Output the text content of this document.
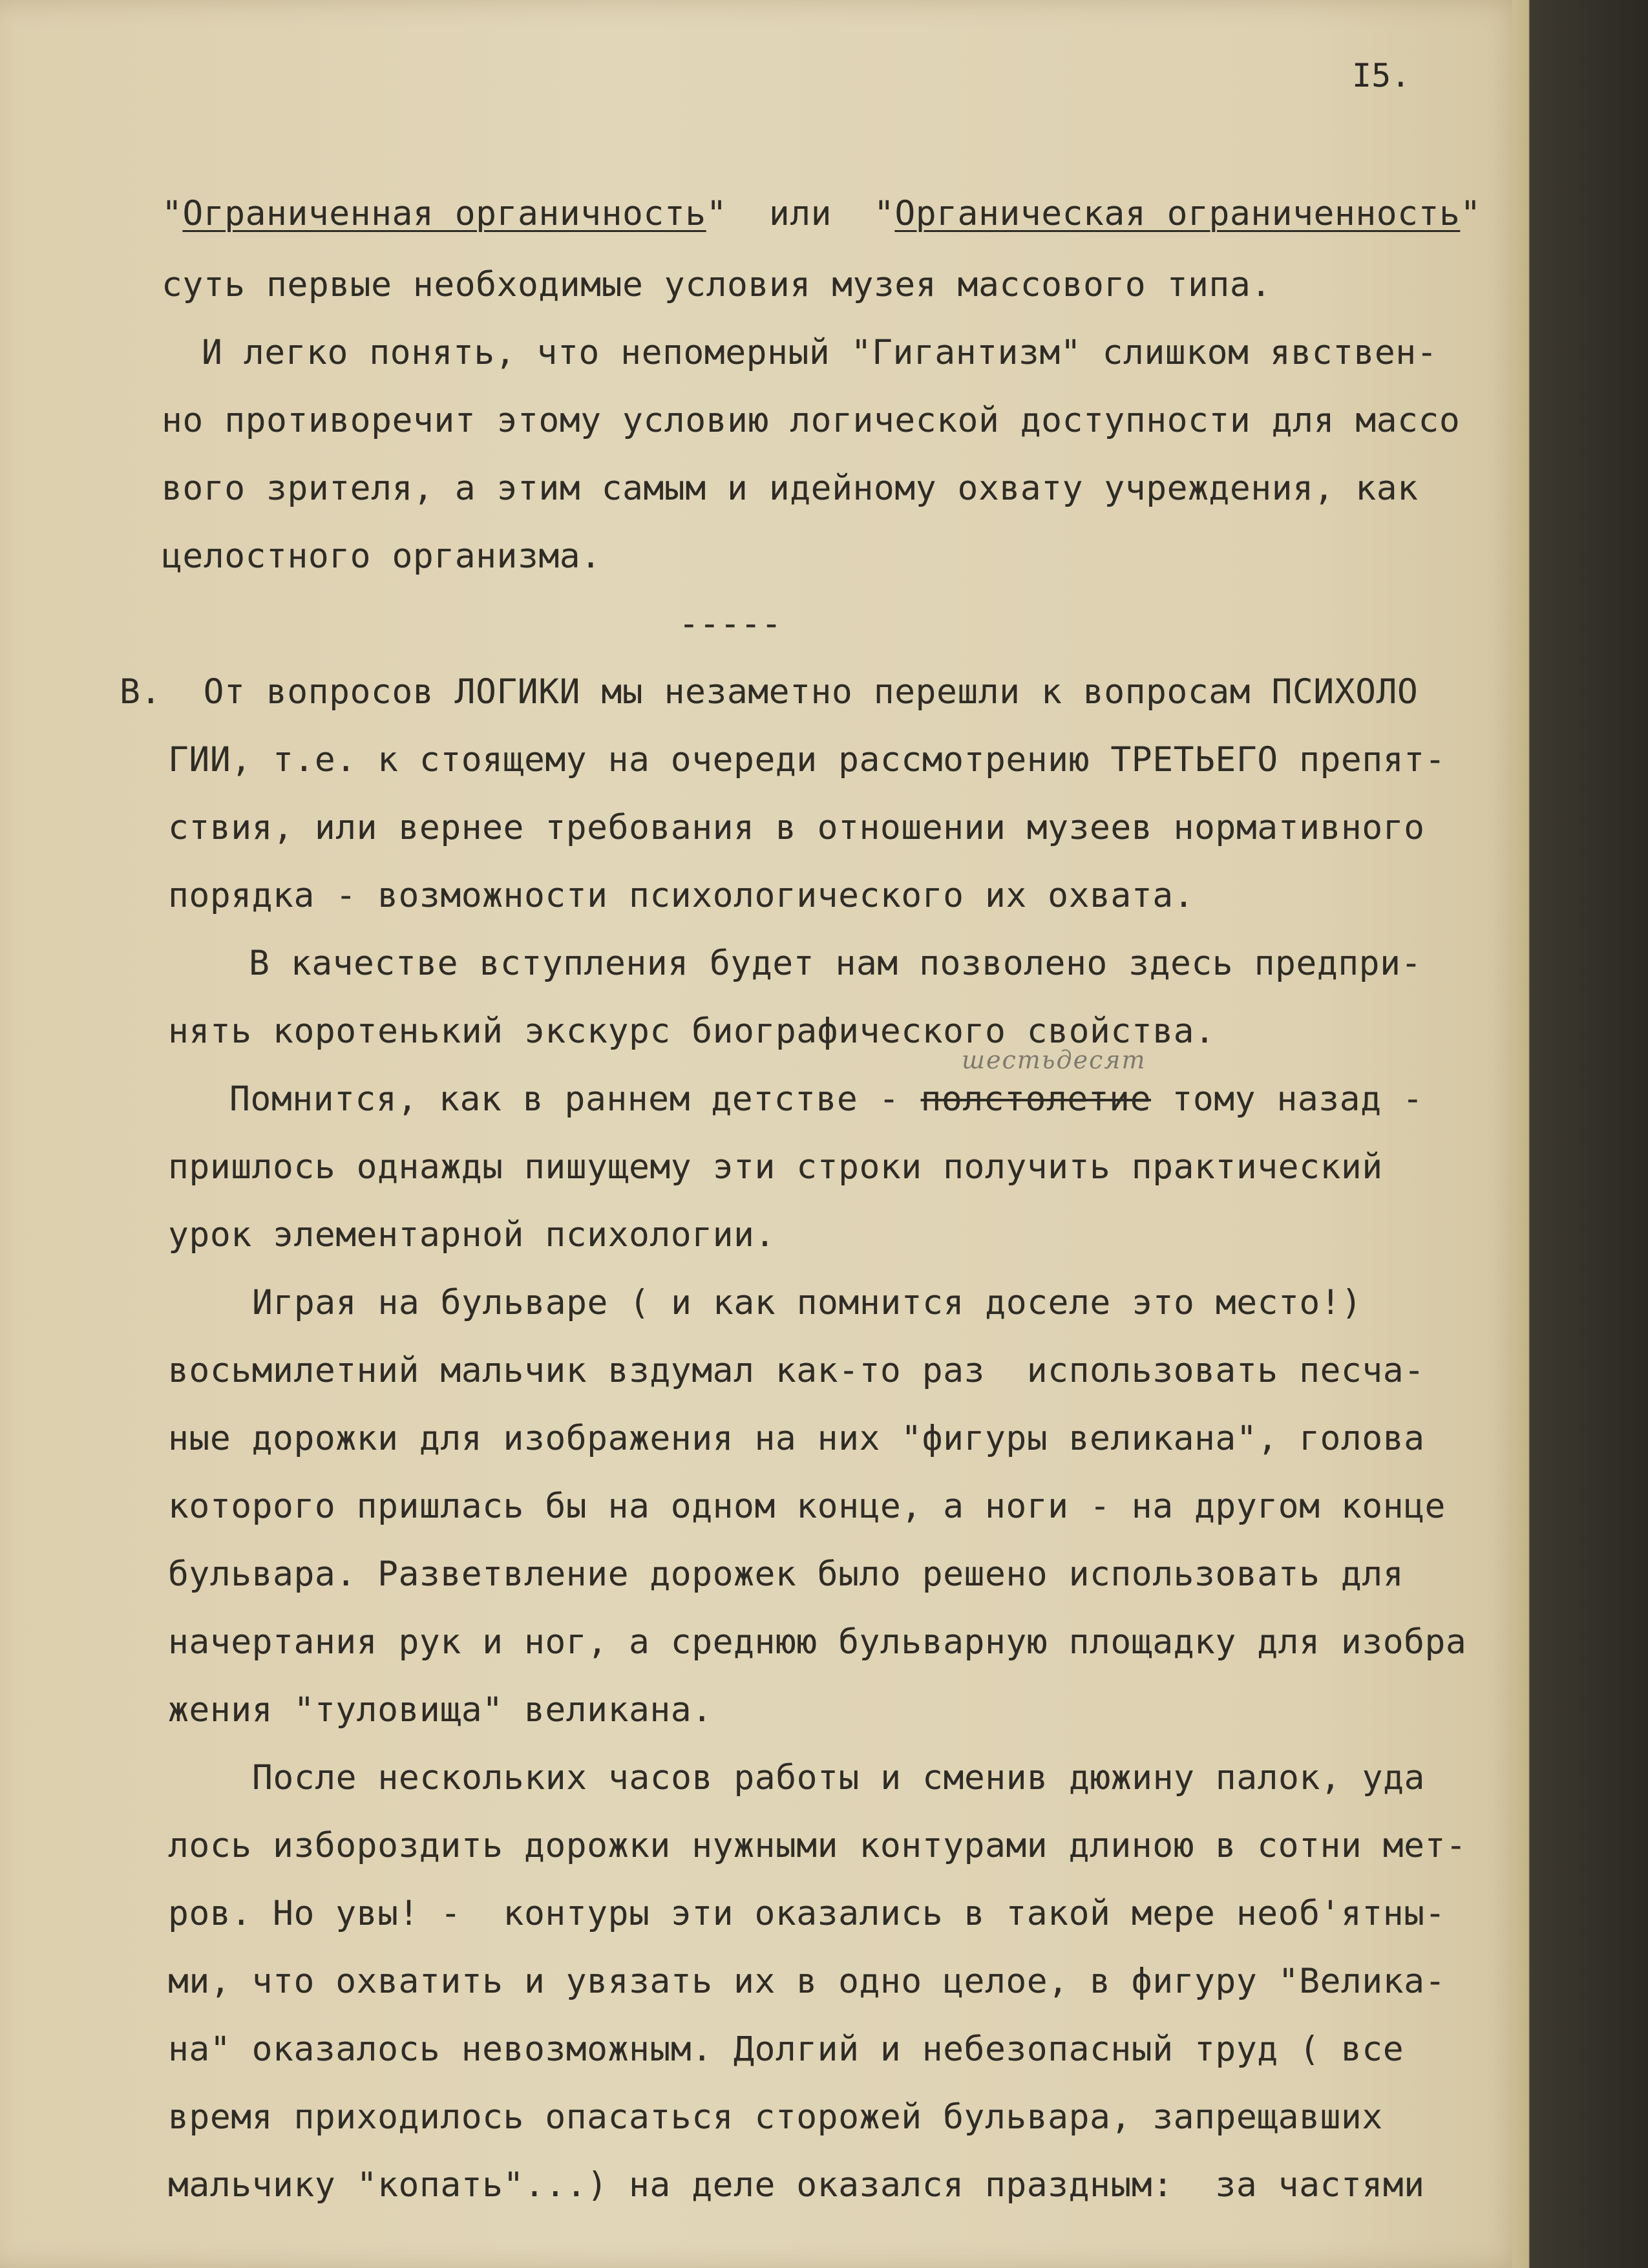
I5.
"Ограниченная органичность"  или  "Органическая ограниченность"
суть первые необходимые условия музея массового типа.
И легко понять, что непомерный "Гигантизм" слишком явствен-
но противоречит этому условию логической доступности для массо
вого зрителя, а этим самым и идейному охвату учреждения, как
целостного организма.
-----
В.  От вопросов ЛОГИКИ мы незаметно перешли к вопросам ПСИХОЛО
ГИИ, т.е. к стоящему на очереди рассмотрению ТРЕТЬЕГО препят-
ствия, или вернее требования в отношении музеев нормативного
порядка - возможности психологического их охвата.
В качестве вступления будет нам позволено здесь предпри-
нять коротенький экскурс биографического свойства.
шестьдесят
Помнится, как в раннем детстве - полстолетие тому назад -
пришлось однажды пишущему эти строки получить практический
урок элементарной психологии.
Играя на бульваре ( и как помнится доселе это место!)
восьмилетний мальчик вздумал как-то раз  использовать песча-
ные дорожки для изображения на них "фигуры великана", голова
которого пришлась бы на одном конце, а ноги - на другом конце
бульвара. Разветвление дорожек было решено использовать для
начертания рук и ног, а среднюю бульварную площадку для изобра
жения "туловища" великана.
После нескольких часов работы и сменив дюжину палок, уда
лось избороздить дорожки нужными контурами длиною в сотни мет-
ров. Но увы! -  контуры эти оказались в такой мере необ'ятны-
ми, что охватить и увязать их в одно целое, в фигуру "Велика-
на" оказалось невозможным. Долгий и небезопасный труд ( все
время приходилось опасаться сторожей бульвара, запрещавших
мальчику "копать"...) на деле оказался праздным:  за частями
